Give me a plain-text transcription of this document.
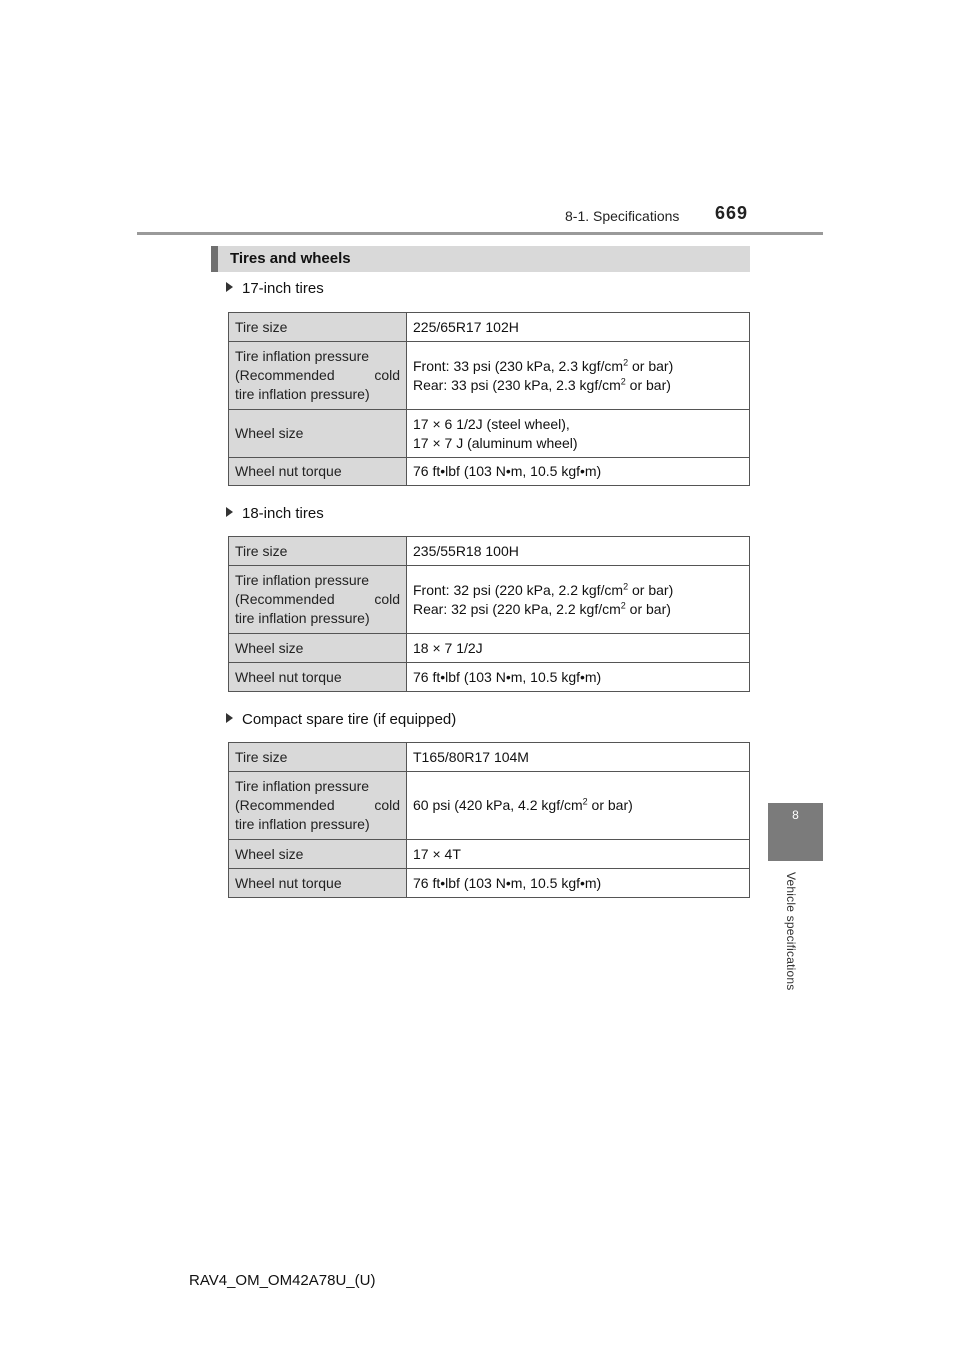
8-1. Specifications 669
8
Vehicle specifications
Tires and wheels
17-inch tires
Tire size	225/65R17 102H
Tire inflation pressure

(Recommended cold
tire inflation pressure)	Front: 33 psi (230 kPa, 2.3 kgf/$cm^2$ or bar)
Rear: 33 psi (230 kPa, 2.3 kgf/$cm^2$ or bar)
Wheel size	17 × 6 1/2J (steel wheel),
17 × 7 J (aluminum wheel)
Wheel nut torque	76 ft•lbf (103 N•m, 10.5 kgf•m)
18-inch tires
Tire size	235/55R18 100H
Tire inflation pressure

(Recommended cold
tire inflation pressure)	Front: 32 psi (220 kPa, 2.2 kgf/$cm^2$ or bar)
Rear: 32 psi (220 kPa, 2.2 kgf/$cm^2$ or bar)
Wheel size	18 × 7 1/2J
Wheel nut torque	76 ft•lbf (103 N•m, 10.5 kgf•m)
Compact spare tire (if equipped)
Tire size	T165/80R17 104M
Tire inflation pressure

(Recommended cold
tire inflation pressure)	60 psi (420 kPa, 4.2 kgf/$cm^2$ or bar)
Wheel size	17 × 4T
Wheel nut torque	76 ft•lbf (103 N•m, 10.5 kgf•m)
RAV4_OM_OM42A78U_(U)
